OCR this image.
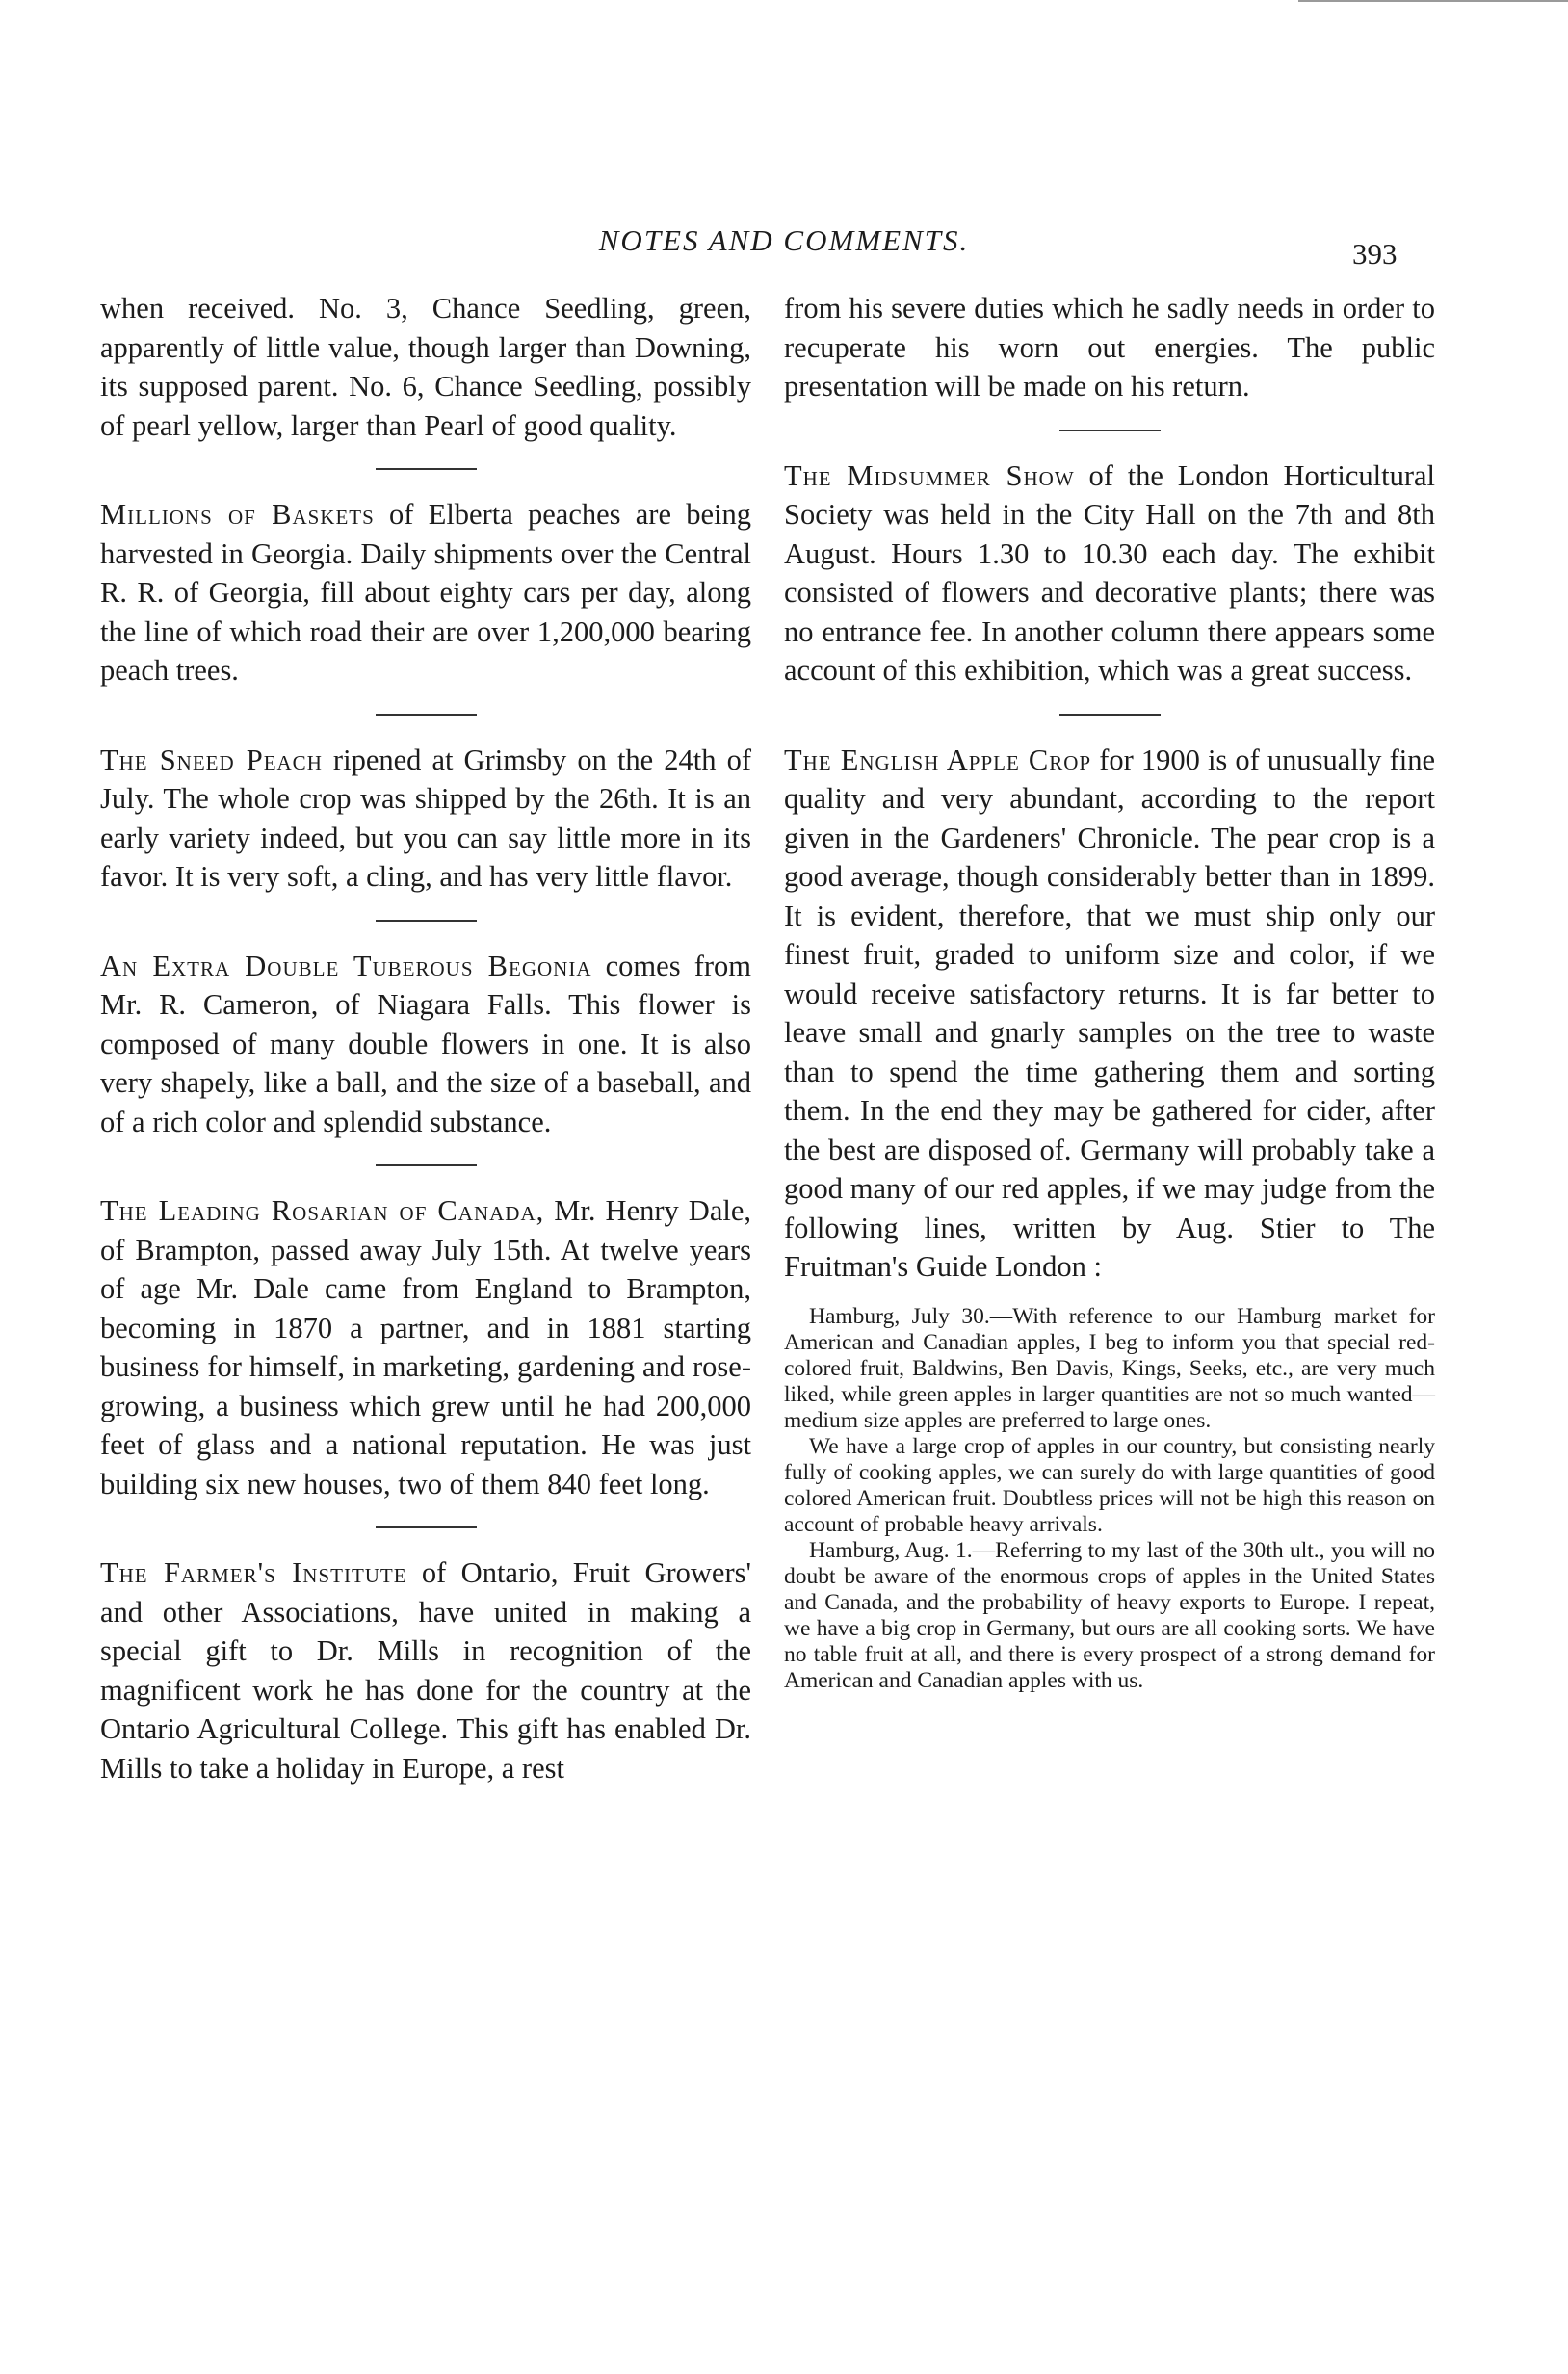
NOTES AND COMMENTS.	393

when received. No. 3, Chance Seedling, green, apparently of little value, though larger than Downing, its supposed parent. No. 6, Chance Seedling, possibly of pearl yellow, larger than Pearl of good quality.

Millions of Baskets of Elberta peaches are being harvested in Georgia. Daily shipments over the Central R. R. of Georgia, fill about eighty cars per day, along the line of which road their are over 1,200,000 bearing peach trees.

The Sneed Peach ripened at Grimsby on the 24th of July. The whole crop was shipped by the 26th. It is an early variety indeed, but you can say little more in its favor. It is very soft, a cling, and has very little flavor.

An Extra Double Tuberous Begonia comes from Mr. R. Cameron, of Niagara Falls. This flower is composed of many double flowers in one. It is also very shapely, like a ball, and the size of a baseball, and of a rich color and splendid substance.

The Leading Rosarian of Canada, Mr. Henry Dale, of Brampton, passed away July 15th. At twelve years of age Mr. Dale came from England to Brampton, becoming in 1870 a partner, and in 1881 starting business for himself, in marketing, gardening and rose-growing, a business which grew until he had 200,000 feet of glass and a national reputation. He was just building six new houses, two of them 840 feet long.

The Farmer's Institute of Ontario, Fruit Growers' and other Associations, have united in making a special gift to Dr. Mills in recognition of the magnificent work he has done for the country at the Ontario Agricultural College. This gift has enabled Dr. Mills to take a holiday in Europe, a rest

from his severe duties which he sadly needs in order to recuperate his worn out energies. The public presentation will be made on his return.

The Midsummer Show of the London Horticultural Society was held in the City Hall on the 7th and 8th August. Hours 1.30 to 10.30 each day. The exhibit consisted of flowers and decorative plants; there was no entrance fee. In another column there appears some account of this exhibition, which was a great success.

The English Apple Crop for 1900 is of unusually fine quality and very abundant, according to the report given in the Gardeners' Chronicle. The pear crop is a good average, though considerably better than in 1899. It is evident, therefore, that we must ship only our finest fruit, graded to uniform size and color, if we would receive satisfactory returns. It is far better to leave small and gnarly samples on the tree to waste than to spend the time gathering them and sorting them. In the end they may be gathered for cider, after the best are disposed of. Germany will probably take a good many of our red apples, if we may judge from the following lines, written by Aug. Stier to The Fruitman's Guide London :

Hamburg, July 30.—With reference to our Hamburg market for American and Canadian apples, I beg to inform you that special red-colored fruit, Baldwins, Ben Davis, Kings, Seeks, etc., are very much liked, while green apples in larger quantities are not so much wanted—medium size apples are preferred to large ones.

We have a large crop of apples in our country, but consisting nearly fully of cooking apples, we can surely do with large quantities of good colored American fruit. Doubtless prices will not be high this reason on account of probable heavy arrivals.

Hamburg, Aug. 1.—Referring to my last of the 30th ult., you will no doubt be aware of the enormous crops of apples in the United States and Canada, and the probability of heavy exports to Europe. I repeat, we have a big crop in Germany, but ours are all cooking sorts. We have no table fruit at all, and there is every prospect of a strong demand for American and Canadian apples with us.
